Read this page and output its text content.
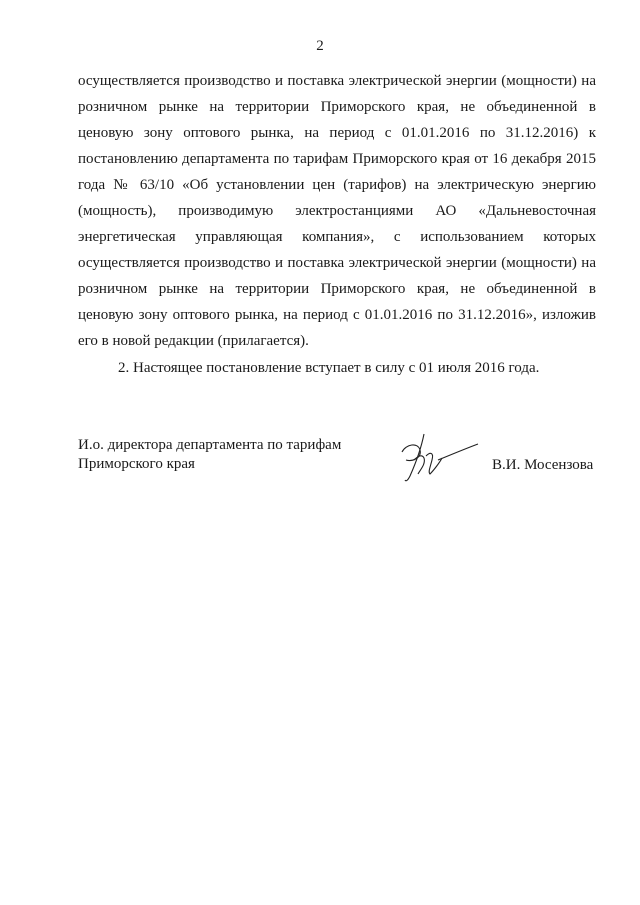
2
осуществляется производство и поставка электрической энергии (мощности) на
розничном рынке на территории Приморского края, не объединенной в
ценовую зону оптового рынка, на период с 01.01.2016 по 31.12.2016) к
постановлению департамента по тарифам Приморского края от 16 декабря 2015
года № 63/10 «Об установлении цен (тарифов) на электрическую энергию
(мощность), производимую электростанциями АО «Дальневосточная
энергетическая управляющая компания», с использованием которых
осуществляется производство и поставка электрической энергии (мощности) на
розничном рынке на территории Приморского края, не объединенной в
ценовую зону оптового рынка, на период с 01.01.2016 по 31.12.2016», изложив
его в новой редакции (прилагается).
2. Настоящее постановление вступает в силу с 01 июля 2016 года.
И.о. директора департамента по тарифам
Приморского края	В.И. Мосензова
